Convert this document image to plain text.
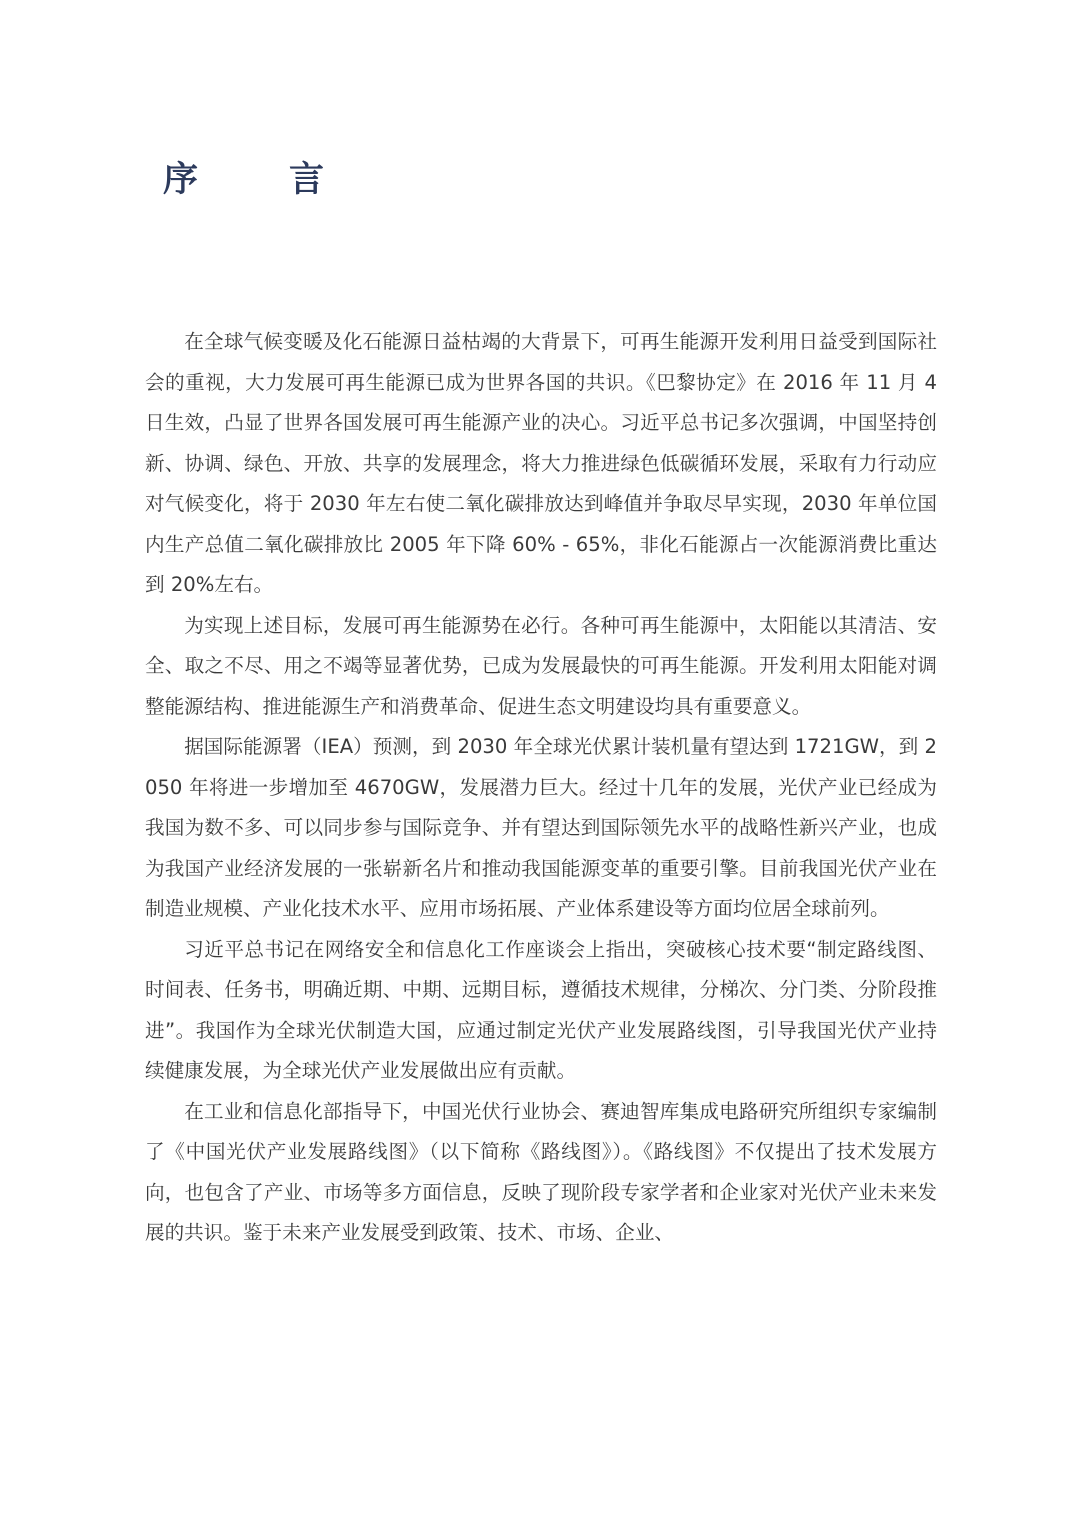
序　言

在全球气候变暖及化石能源日益枯竭的大背景下，可再生能源开发利用日益受到国际社会的重视，大力发展可再生能源已成为世界各国的共识。《巴黎协定》在 2016 年 11 月 4 日生效，凸显了世界各国发展可再生能源产业的决心。习近平总书记多次强调，中国坚持创新、协调、绿色、开放、共享的发展理念，将大力推进绿色低碳循环发展，采取有力行动应对气候变化，将于 2030 年左右使二氧化碳排放达到峰值并争取尽早实现，2030 年单位国内生产总值二氧化碳排放比 2005 年下降 60% - 65%，非化石能源占一次能源消费比重达到 20%左右。

为实现上述目标，发展可再生能源势在必行。各种可再生能源中，太阳能以其清洁、安全、取之不尽、用之不竭等显著优势，已成为发展最快的可再生能源。开发利用太阳能对调整能源结构、推进能源生产和消费革命、促进生态文明建设均具有重要意义。

据国际能源署（IEA）预测，到 2030 年全球光伏累计装机量有望达到 1721GW，到 2050 年将进一步增加至 4670GW，发展潜力巨大。经过十几年的发展，光伏产业已经成为我国为数不多、可以同步参与国际竞争、并有望达到国际领先水平的战略性新兴产业，也成为我国产业经济发展的一张崭新名片和推动我国能源变革的重要引擎。目前我国光伏产业在制造业规模、产业化技术水平、应用市场拓展、产业体系建设等方面均位居全球前列。

习近平总书记在网络安全和信息化工作座谈会上指出，突破核心技术要“制定路线图、时间表、任务书，明确近期、中期、远期目标，遵循技术规律，分梯次、分门类、分阶段推进”。我国作为全球光伏制造大国，应通过制定光伏产业发展路线图，引导我国光伏产业持续健康发展，为全球光伏产业发展做出应有贡献。

在工业和信息化部指导下，中国光伏行业协会、赛迪智库集成电路研究所组织专家编制了《中国光伏产业发展路线图》（以下简称《路线图》）。《路线图》不仅提出了技术发展方向，也包含了产业、市场等多方面信息，反映了现阶段专家学者和企业家对光伏产业未来发展的共识。鉴于未来产业发展受到政策、技术、市场、企业、
